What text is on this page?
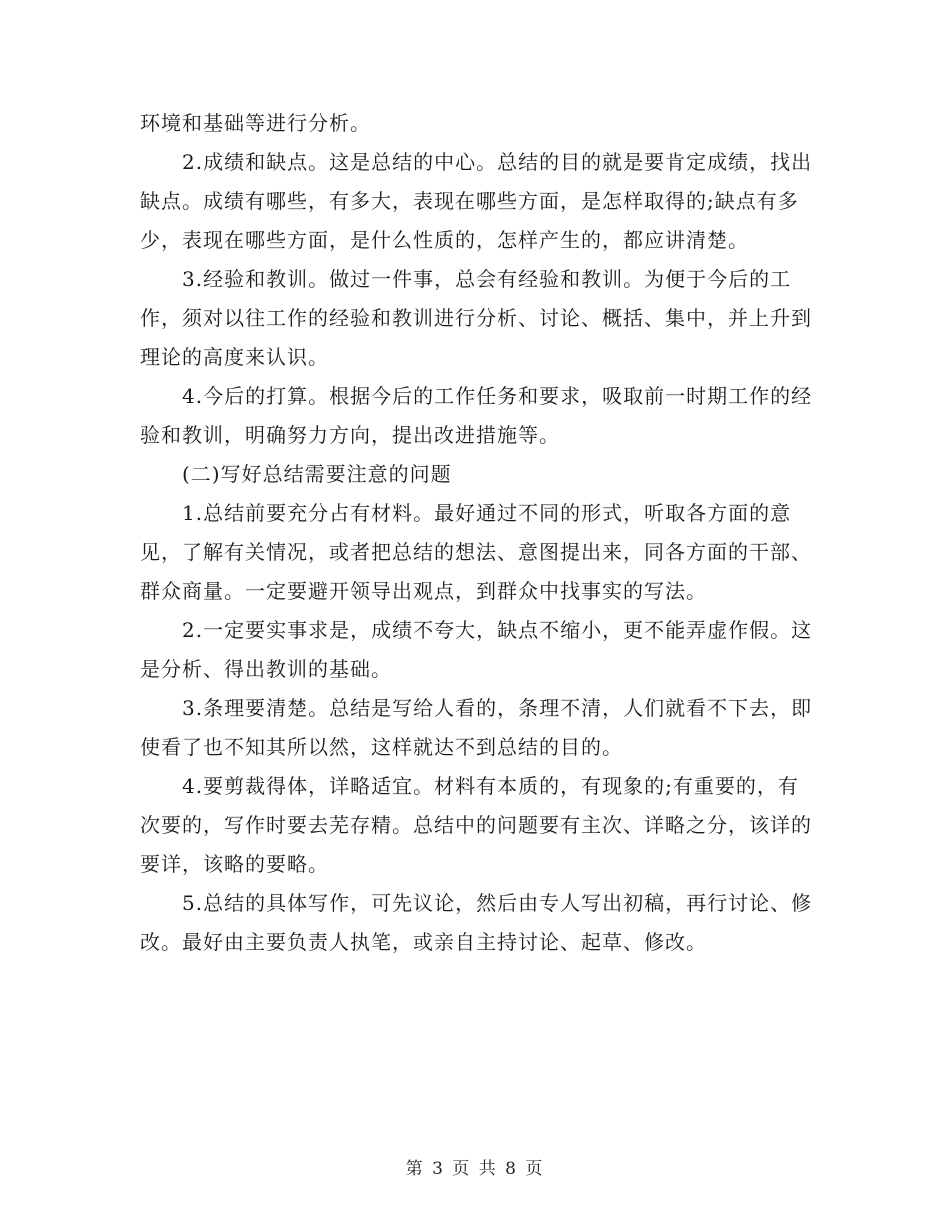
环境和基础等进行分析。

2.成绩和缺点。这是总结的中心。总结的目的就是要肯定成绩，找出缺点。成绩有哪些，有多大，表现在哪些方面，是怎样取得的;缺点有多少，表现在哪些方面，是什么性质的，怎样产生的，都应讲清楚。

3.经验和教训。做过一件事，总会有经验和教训。为便于今后的工作，须对以往工作的经验和教训进行分析、讨论、概括、集中，并上升到理论的高度来认识。

4.今后的打算。根据今后的工作任务和要求，吸取前一时期工作的经验和教训，明确努力方向，提出改进措施等。

(二)写好总结需要注意的问题

1.总结前要充分占有材料。最好通过不同的形式，听取各方面的意见，了解有关情况，或者把总结的想法、意图提出来，同各方面的干部、群众商量。一定要避开领导出观点，到群众中找事实的写法。

2.一定要实事求是，成绩不夸大，缺点不缩小，更不能弄虚作假。这是分析、得出教训的基础。

3.条理要清楚。总结是写给人看的，条理不清，人们就看不下去，即使看了也不知其所以然，这样就达不到总结的目的。

4.要剪裁得体，详略适宜。材料有本质的，有现象的;有重要的，有次要的，写作时要去芜存精。总结中的问题要有主次、详略之分，该详的要详，该略的要略。

5.总结的具体写作，可先议论，然后由专人写出初稿，再行讨论、修改。最好由主要负责人执笔，或亲自主持讨论、起草、修改。

第 3 页 共 8 页
